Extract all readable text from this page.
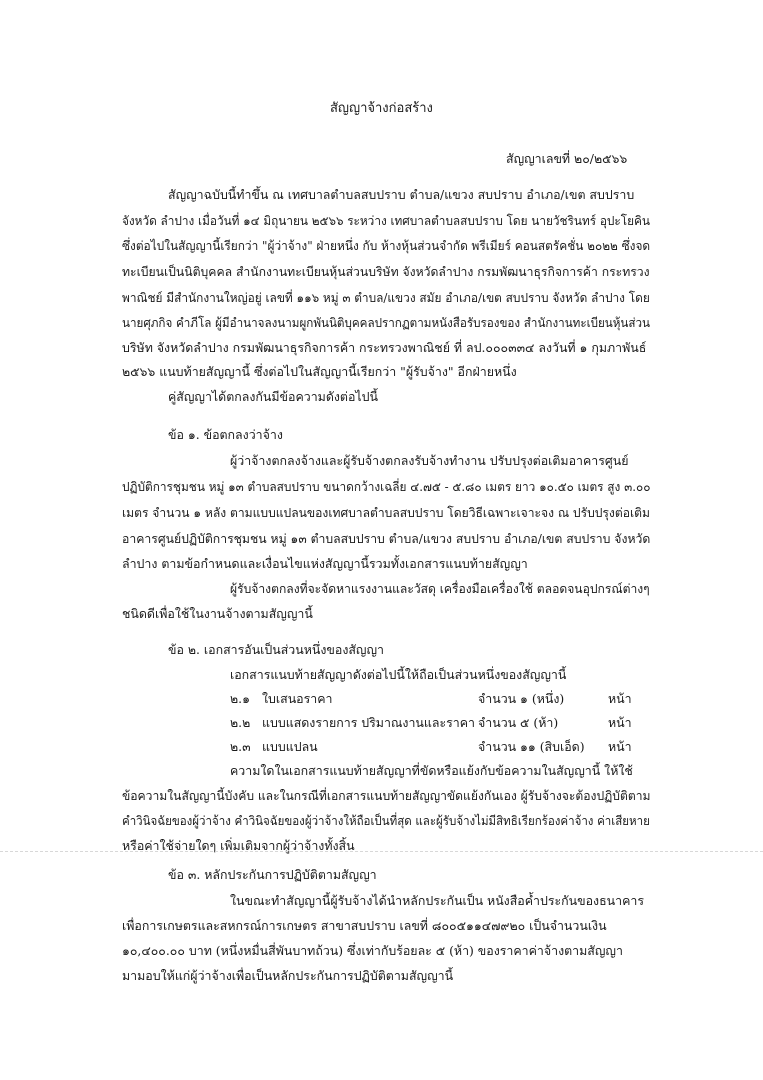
สัญญาจ้างก่อสร้าง
สัญญาเลขที่ ๒๐/๒๕๖๖
สัญญาฉบับนี้ทำขึ้น ณ เทศบาลตำบลสบปราบ ตำบล/แขวง สบปราบ อำเภอ/เขต สบปราบ
จังหวัด ลำปาง เมื่อวันที่ ๑๔ มิถุนายน ๒๕๖๖ ระหว่าง เทศบาลตำบลสบปราบ โดย นายวัชรินทร์ อุปะโยคิน
ซึ่งต่อไปในสัญญานี้เรียกว่า "ผู้ว่าจ้าง" ฝ่ายหนึ่ง กับ ห้างหุ้นส่วนจำกัด พรีเมียร์ คอนสตรัคชั่น ๒๐๒๒ ซึ่งจด
ทะเบียนเป็นนิติบุคคล สำนักงานทะเบียนหุ้นส่วนบริษัท จังหวัดลำปาง กรมพัฒนาธุรกิจการค้า กระทรวง
พาณิชย์ มีสำนักงานใหญ่อยู่ เลขที่ ๑๑๖ หมู่ ๓ ตำบล/แขวง สมัย อำเภอ/เขต สบปราบ จังหวัด ลำปาง โดย
นายศุภกิจ คำภีโล ผู้มีอำนาจลงนามผูกพันนิติบุคคลปรากฏตามหนังสือรับรองของ สำนักงานทะเบียนหุ้นส่วน
บริษัท จังหวัดลำปาง กรมพัฒนาธุรกิจการค้า กระทรวงพาณิชย์ ที่ ลป.๐๐๐๓๓๔ ลงวันที่ ๑ กุมภาพันธ์
๒๕๖๖ แนบท้ายสัญญานี้ ซึ่งต่อไปในสัญญานี้เรียกว่า "ผู้รับจ้าง" อีกฝ่ายหนึ่ง
คู่สัญญาได้ตกลงกันมีข้อความดังต่อไปนี้
ข้อ ๑. ข้อตกลงว่าจ้าง
ผู้ว่าจ้างตกลงจ้างและผู้รับจ้างตกลงรับจ้างทำงาน ปรับปรุงต่อเติมอาคารศูนย์
ปฏิบัติการชุมชน หมู่ ๑๓ ตำบลสบปราบ ขนาดกว้างเฉลี่ย ๔.๗๕ - ๕.๘๐ เมตร ยาว ๑๐.๕๐ เมตร สูง ๓.๐๐
เมตร จำนวน ๑ หลัง ตามแบบแปลนของเทศบาลตำบลสบปราบ โดยวิธีเฉพาะเจาะจง ณ ปรับปรุงต่อเติม
อาคารศูนย์ปฏิบัติการชุมชน หมู่ ๑๓ ตำบลสบปราบ ตำบล/แขวง สบปราบ อำเภอ/เขต สบปราบ จังหวัด
ลำปาง ตามข้อกำหนดและเงื่อนไขแห่งสัญญานี้รวมทั้งเอกสารแนบท้ายสัญญา
ผู้รับจ้างตกลงที่จะจัดหาแรงงานและวัสดุ เครื่องมือเครื่องใช้ ตลอดจนอุปกรณ์ต่างๆ
ชนิดดีเพื่อใช้ในงานจ้างตามสัญญานี้
ข้อ ๒. เอกสารอันเป็นส่วนหนึ่งของสัญญา
เอกสารแนบท้ายสัญญาดังต่อไปนี้ให้ถือเป็นส่วนหนึ่งของสัญญานี้
๒.๑ ใบเสนอราคา	จำนวน ๑ (หนึ่ง)	หน้า
๒.๒ แบบแสดงรายการ ปริมาณงานและราคา จำนวน ๕ (ห้า)	หน้า
๒.๓ แบบแปลน	จำนวน ๑๑ (สิบเอ็ด) หน้า
ความใดในเอกสารแนบท้ายสัญญาที่ขัดหรือแย้งกับข้อความในสัญญานี้ ให้ใช้
ข้อความในสัญญานี้บังคับ และในกรณีที่เอกสารแนบท้ายสัญญาขัดแย้งกันเอง ผู้รับจ้างจะต้องปฏิบัติตาม
คำวินิจฉัยของผู้ว่าจ้าง คำวินิจฉัยของผู้ว่าจ้างให้ถือเป็นที่สุด และผู้รับจ้างไม่มีสิทธิเรียกร้องค่าจ้าง ค่าเสียหาย
หรือค่าใช้จ่ายใดๆ เพิ่มเติมจากผู้ว่าจ้างทั้งสิ้น
ข้อ ๓. หลักประกันการปฏิบัติตามสัญญา
ในขณะทำสัญญานี้ผู้รับจ้างได้นำหลักประกันเป็น หนังสือค้ำประกันของธนาคาร
เพื่อการเกษตรและสหกรณ์การเกษตร สาขาสบปราบ เลขที่ ๘๐๐๕๑๑๔๗๙๒๐ เป็นจำนวนเงิน
๑๐,๔๐๐.๐๐ บาท (หนึ่งหมื่นสี่พันบาทถ้วน) ซึ่งเท่ากับร้อยละ ๕ (ห้า) ของราคาค่าจ้างตามสัญญา
มามอบให้แก่ผู้ว่าจ้างเพื่อเป็นหลักประกันการปฏิบัติตามสัญญานี้
